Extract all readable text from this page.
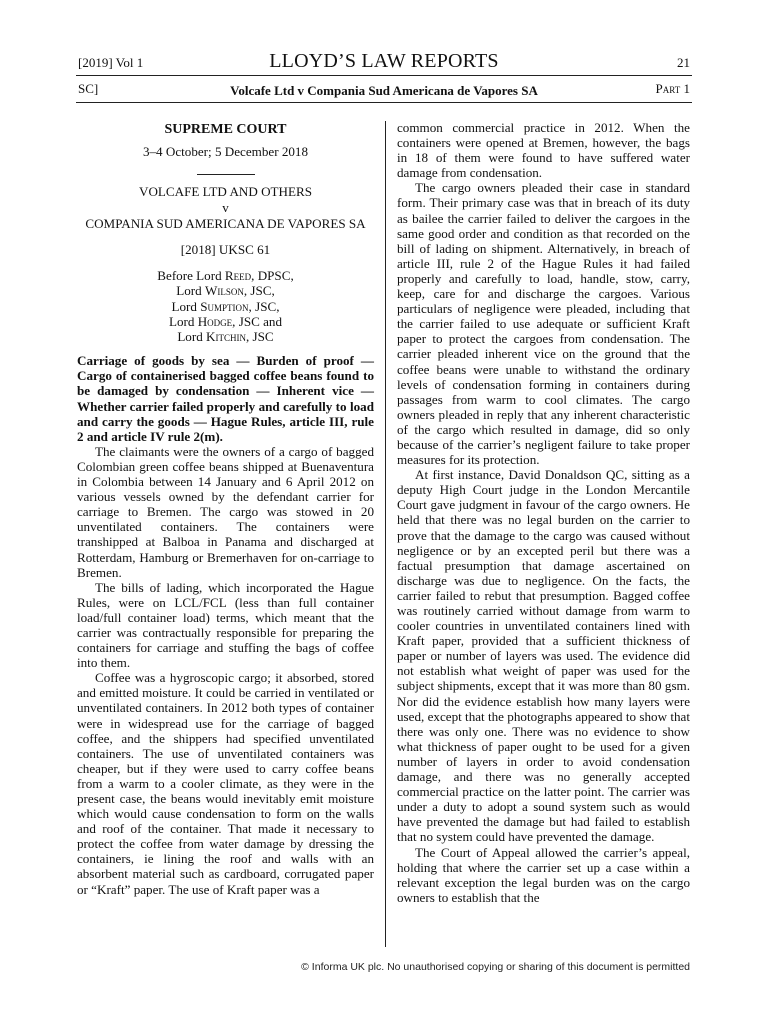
[2019] Vol 1	LLOYD’S LAW REPORTS	21
SC]	Volcafe Ltd v Compania Sud Americana de Vapores SA	Part 1
SUPREME COURT
3–4 October; 5 December 2018
VOLCAFE LTD AND OTHERS
v
COMPANIA SUD AMERICANA DE VAPORES SA
[2018] UKSC 61
Before Lord Reed, DPSC,
Lord Wilson, JSC,
Lord Sumption, JSC,
Lord Hodge, JSC and
Lord Kitchin, JSC

Carriage of goods by sea — Burden of proof — Cargo of containerised bagged coffee beans found to be damaged by condensation — Inherent vice — Whether carrier failed properly and carefully to load and carry the goods — Hague Rules, article III, rule 2 and article IV rule 2(m).

The claimants were the owners of a cargo of bagged Colombian green coffee beans shipped at Buenaventura in Colombia between 14 January and 6 April 2012 on various vessels owned by the defendant carrier for carriage to Bremen. The cargo was stowed in 20 unventilated containers. The containers were transhipped at Balboa in Panama and discharged at Rotterdam, Hamburg or Bremerhaven for on-carriage to Bremen.

The bills of lading, which incorporated the Hague Rules, were on LCL/FCL (less than full container load/full container load) terms, which meant that the carrier was contractually responsible for preparing the containers for carriage and stuffing the bags of coffee into them.

Coffee was a hygroscopic cargo; it absorbed, stored and emitted moisture. It could be carried in ventilated or unventilated containers. In 2012 both types of container were in widespread use for the carriage of bagged coffee, and the shippers had specified unventilated containers. The use of unventilated containers was cheaper, but if they were used to carry coffee beans from a warm to a cooler climate, as they were in the present case, the beans would inevitably emit moisture which would cause condensation to form on the walls and roof of the container. That made it necessary to protect the coffee from water damage by dressing the containers, ie lining the roof and walls with an absorbent material such as cardboard, corrugated paper or “Kraft” paper. The use of Kraft paper was a

common commercial practice in 2012. When the containers were opened at Bremen, however, the bags in 18 of them were found to have suffered water damage from condensation.

The cargo owners pleaded their case in standard form. Their primary case was that in breach of its duty as bailee the carrier failed to deliver the cargoes in the same good order and condition as that recorded on the bill of lading on shipment. Alternatively, in breach of article III, rule 2 of the Hague Rules it had failed properly and carefully to load, handle, stow, carry, keep, care for and discharge the cargoes. Various particulars of negligence were pleaded, including that the carrier failed to use adequate or sufficient Kraft paper to protect the cargoes from condensation. The carrier pleaded inherent vice on the ground that the coffee beans were unable to withstand the ordinary levels of condensation forming in containers during passages from warm to cool climates. The cargo owners pleaded in reply that any inherent characteristic of the cargo which resulted in damage, did so only because of the carrier’s negligent failure to take proper measures for its protection.

At first instance, David Donaldson QC, sitting as a deputy High Court judge in the London Mercantile Court gave judgment in favour of the cargo owners. He held that there was no legal burden on the carrier to prove that the damage to the cargo was caused without negligence or by an excepted peril but there was a factual presumption that damage ascertained on discharge was due to negligence. On the facts, the carrier failed to rebut that presumption. Bagged coffee was routinely carried without damage from warm to cooler countries in unventilated containers lined with Kraft paper, provided that a sufficient thickness of paper or number of layers was used. The evidence did not establish what weight of paper was used for the subject shipments, except that it was more than 80 gsm. Nor did the evidence establish how many layers were used, except that the photographs appeared to show that there was only one. There was no evidence to show what thickness of paper ought to be used for a given number of layers in order to avoid condensation damage, and there was no generally accepted commercial practice on the latter point. The carrier was under a duty to adopt a sound system such as would have prevented the damage but had failed to establish that no system could have prevented the damage.

The Court of Appeal allowed the carrier’s appeal, holding that where the carrier set up a case within a relevant exception the legal burden was on the cargo owners to establish that the

© Informa UK plc. No unauthorised copying or sharing of this document is permitted
